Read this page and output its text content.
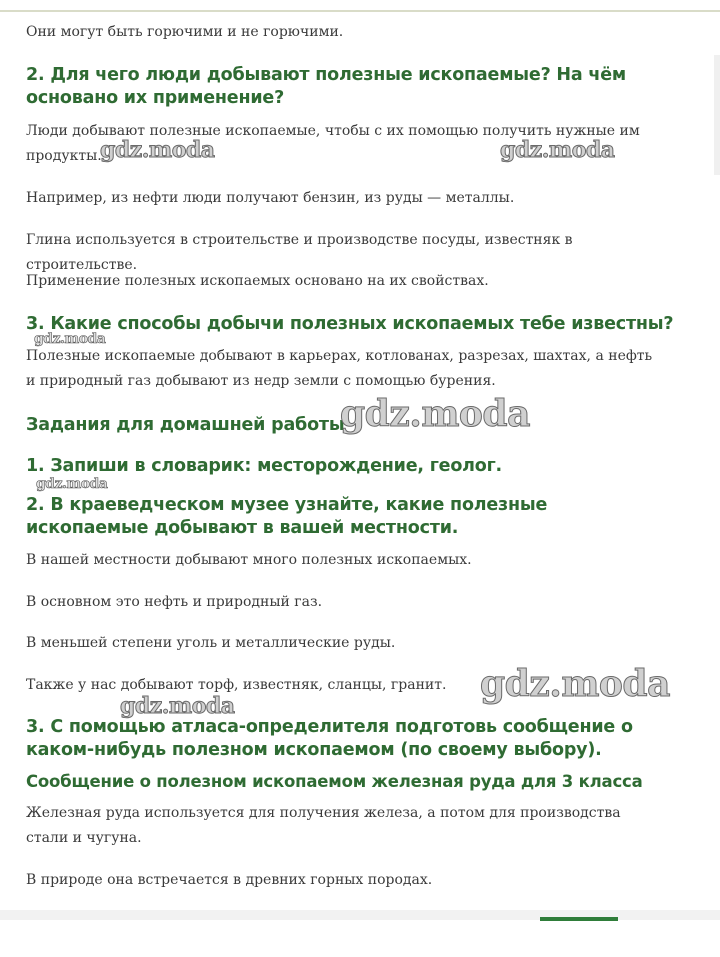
Они могут быть горючими и не горючими.

2. Для чего люди добывают полезные ископаемые? На чём основано их применение?

Люди добывают полезные ископаемые, чтобы с их помощью получить нужные им продукты.

Например, из нефти люди получают бензин, из руды — металлы.

Глина используется в строительстве и производстве посуды, известняк в строительстве.

Применение полезных ископаемых основано на их свойствах.

3. Какие способы добычи полезных ископаемых тебе известны?

Полезные ископаемые добывают в карьерах, котлованах, разрезах, шахтах, а нефть и природный газ добывают из недр земли с помощью бурения.

Задания для домашней работы
1. Запиши в словарик: месторождение, геолог.
2. В краеведческом музее узнайте, какие полезные ископаемые добывают в вашей местности.

В нашей местности добывают много полезных ископаемых.

В основном это нефть и природный газ.

В меньшей степени уголь и металлические руды.

Также у нас добывают торф, известняк, сланцы, гранит.

3. С помощью атласа-определителя подготовь сообщение о каком-нибудь полезном ископаемом (по своему выбору).
Сообщение о полезном ископаемом железная руда для 3 класса

Железная руда используется для получения железа, а потом для производства стали и чугуна.

В природе она встречается в древних горных породах.

gdz.moda	gdz.moda
gdz.moda
gdz.moda
gdz.moda
gdz.moda
gdz.moda
